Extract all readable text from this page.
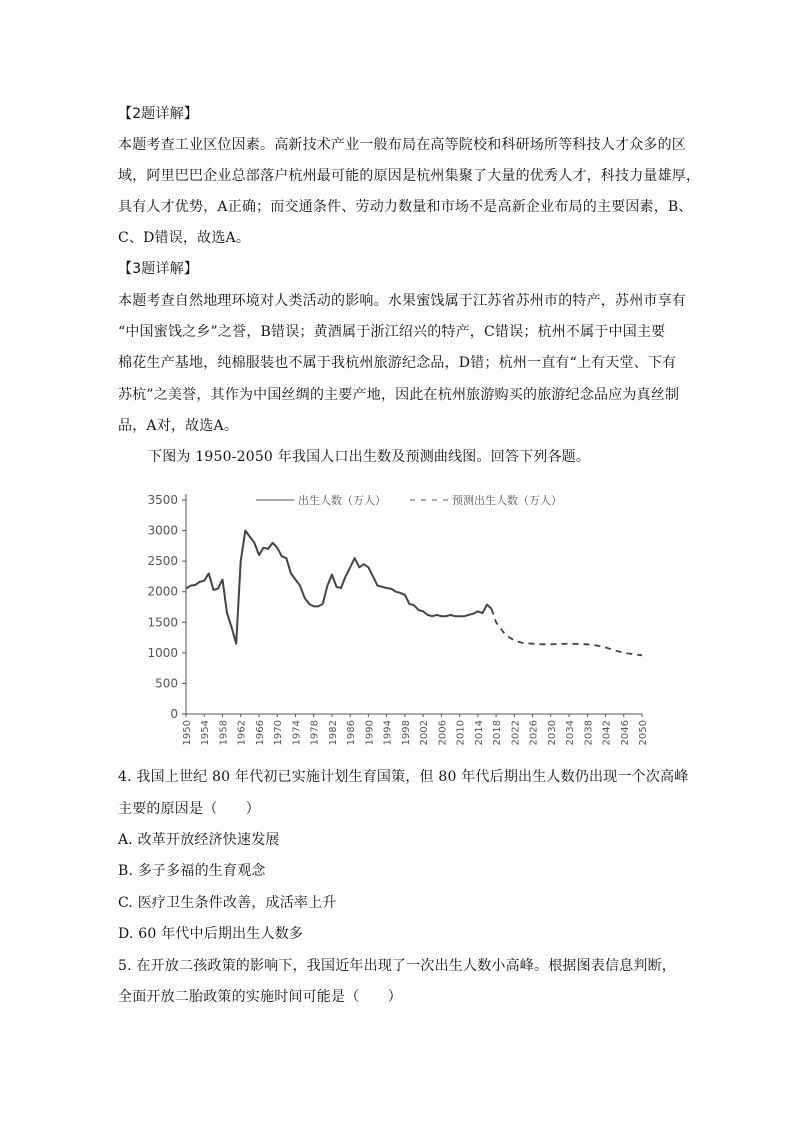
【2题详解】
本题考查工业区位因素。高新技术产业一般布局在高等院校和科研场所等科技人才众多的区
域，阿里巴巴企业总部落户杭州最可能的原因是杭州集聚了大量的优秀人才，科技力量雄厚，
具有人才优势，A正确；而交通条件、劳动力数量和市场不是高新企业布局的主要因素，B、
C、D错误，故选A。
【3题详解】
本题考查自然地理环境对人类活动的影响。水果蜜饯属于江苏省苏州市的特产，苏州市享有
“中国蜜饯之乡”之誉，B错误；黄酒属于浙江绍兴的特产，C错误；杭州不属于中国主要
棉花生产基地，纯棉服装也不属于我杭州旅游纪念品，D错；杭州一直有“上有天堂、下有
苏杭”之美誉，其作为中国丝绸的主要产地，因此在杭州旅游购买的旅游纪念品应为真丝制
品，A对，故选A。
下图为 1950-2050 年我国人口出生数及预测曲线图。回答下列各题。
0
500
1000
1500
2000
2500
3000
3500
1950 1954 1958 1962 1966 1970 1974 1978 1982 1986 1990 1994 1998 2002 2006 2010 2014 2018 2022 2026 2030 2034 2038 2042 2046 2050
出生人数（万人）	预测出生人数（万人）
4. 我国上世纪 80 年代初已实施计划生育国策，但 80 年代后期出生人数仍出现一个次高峰
主要的原因是（　　）
A. 改革开放经济快速发展
B. 多子多福的生育观念
C. 医疗卫生条件改善，成活率上升
D. 60 年代中后期出生人数多
5. 在开放二孩政策的影响下，我国近年出现了一次出生人数小高峰。根据图表信息判断，
全面开放二胎政策的实施时间可能是（　　）
